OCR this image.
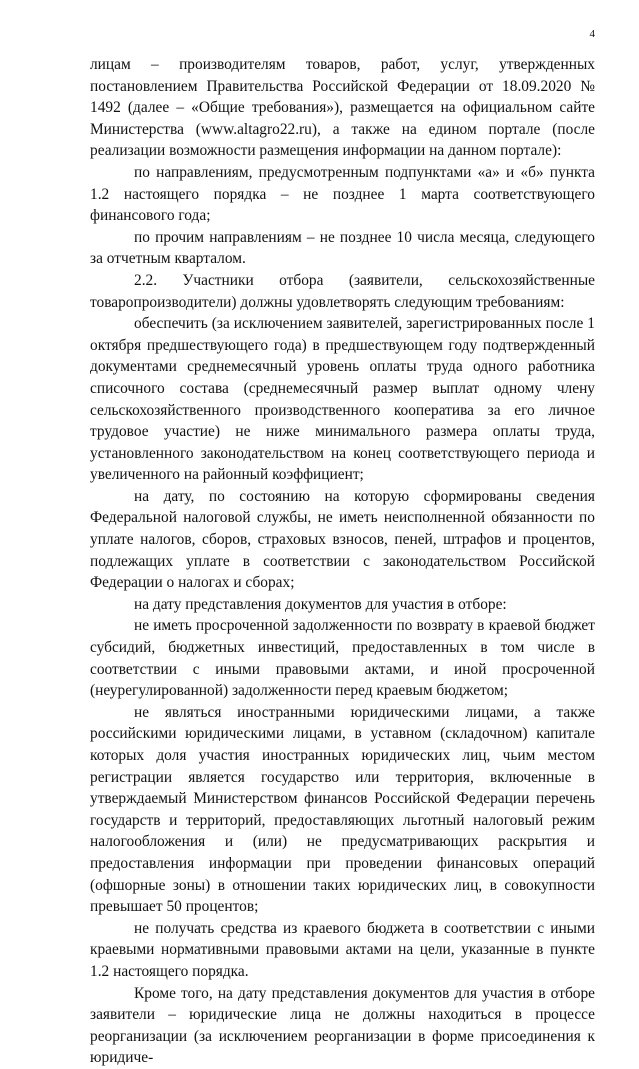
4

лицам – производителям товаров, работ, услуг, утвержденных постановлением Правительства Российской Федерации от 18.09.2020 № 1492 (далее – «Общие требования»), размещается на официальном сайте Министерства (www.altagro22.ru), а также на едином портале (после реализации возможности размещения информации на данном портале):

по направлениям, предусмотренным подпунктами «а» и «б» пункта 1.2 настоящего порядка – не позднее 1 марта соответствующего финансового года;

по прочим направлениям – не позднее 10 числа месяца, следующего за отчетным кварталом.

2.2. Участники отбора (заявители, сельскохозяйственные товаропроизводители) должны удовлетворять следующим требованиям:

обеспечить (за исключением заявителей, зарегистрированных после 1 октября предшествующего года) в предшествующем году подтвержденный документами среднемесячный уровень оплаты труда одного работника списочного состава (среднемесячный размер выплат одному члену сельскохозяйственного производственного кооператива за его личное трудовое участие) не ниже минимального размера оплаты труда, установленного законодательством на конец соответствующего периода и увеличенного на районный коэффициент;

на дату, по состоянию на которую сформированы сведения Федеральной налоговой службы, не иметь неисполненной обязанности по уплате налогов, сборов, страховых взносов, пеней, штрафов и процентов, подлежащих уплате в соответствии с законодательством Российской Федерации о налогах и сборах;

на дату представления документов для участия в отборе:

не иметь просроченной задолженности по возврату в краевой бюджет субсидий, бюджетных инвестиций, предоставленных в том числе в соответствии с иными правовыми актами, и иной просроченной (неурегулированной) задолженности перед краевым бюджетом;

не являться иностранными юридическими лицами, а также российскими юридическими лицами, в уставном (складочном) капитале которых доля участия иностранных юридических лиц, чьим местом регистрации является государство или территория, включенные в утверждаемый Министерством финансов Российской Федерации перечень государств и территорий, предоставляющих льготный налоговый режим налогообложения и (или) не предусматривающих раскрытия и предоставления информации при проведении финансовых операций (офшорные зоны) в отношении таких юридических лиц, в совокупности превышает 50 процентов;

не получать средства из краевого бюджета в соответствии с иными краевыми нормативными правовыми актами на цели, указанные в пункте 1.2 настоящего порядка.

Кроме того, на дату представления документов для участия в отборе заявители – юридические лица не должны находиться в процессе реорганизации (за исключением реорганизации в форме присоединения к юридиче-
